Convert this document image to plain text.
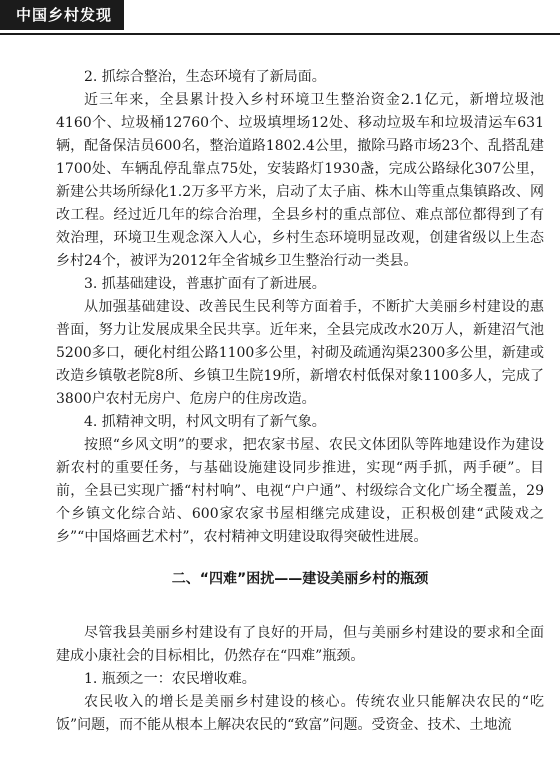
中国乡村发现

2. 抓综合整治，生态环境有了新局面。

近三年来，全县累计投入乡村环境卫生整治资金2.1亿元，新增垃圾池4160个、垃圾桶12760个、垃圾填埋场12处、移动垃圾车和垃圾清运车631辆，配备保洁员600名，整治道路1802.4公里，撤除马路市场23个、乱搭乱建1700处、车辆乱停乱靠点75处，安装路灯1930盏，完成公路绿化307公里，新建公共场所绿化1.2万多平方米，启动了太子庙、株木山等重点集镇路改、网改工程。经过近几年的综合治理，全县乡村的重点部位、难点部位都得到了有效治理，环境卫生观念深入人心，乡村生态环境明显改观，创建省级以上生态乡村24个，被评为2012年全省城乡卫生整治行动一类县。

3. 抓基础建设，普惠扩面有了新进展。

从加强基础建设、改善民生民利等方面着手，不断扩大美丽乡村建设的惠普面，努力让发展成果全民共享。近年来，全县完成改水20万人，新建沼气池5200多口，硬化村组公路1100多公里，衬砌及疏通沟渠2300多公里，新建或改造乡镇敬老院8所、乡镇卫生院19所，新增农村低保对象1100多人，完成了3800户农村无房户、危房户的住房改造。

4. 抓精神文明，村风文明有了新气象。

按照“乡风文明”的要求，把农家书屋、农民文体团队等阵地建设作为建设新农村的重要任务，与基础设施建设同步推进，实现“两手抓，两手硬”。目前，全县已实现广播“村村响”、电视“户户通”、村级综合文化广场全覆盖，29个乡镇文化综合站、600家农家书屋相继完成建设，正积极创建“武陵戏之乡”“中国烙画艺术村”，农村精神文明建设取得突破性进展。

二、“四难”困扰——建设美丽乡村的瓶颈

尽管我县美丽乡村建设有了良好的开局，但与美丽乡村建设的要求和全面建成小康社会的目标相比，仍然存在“四难”瓶颈。

1. 瓶颈之一：农民增收难。

农民收入的增长是美丽乡村建设的核心。传统农业只能解决农民的“吃饭”问题，而不能从根本上解决农民的“致富”问题。受资金、技术、土地流
